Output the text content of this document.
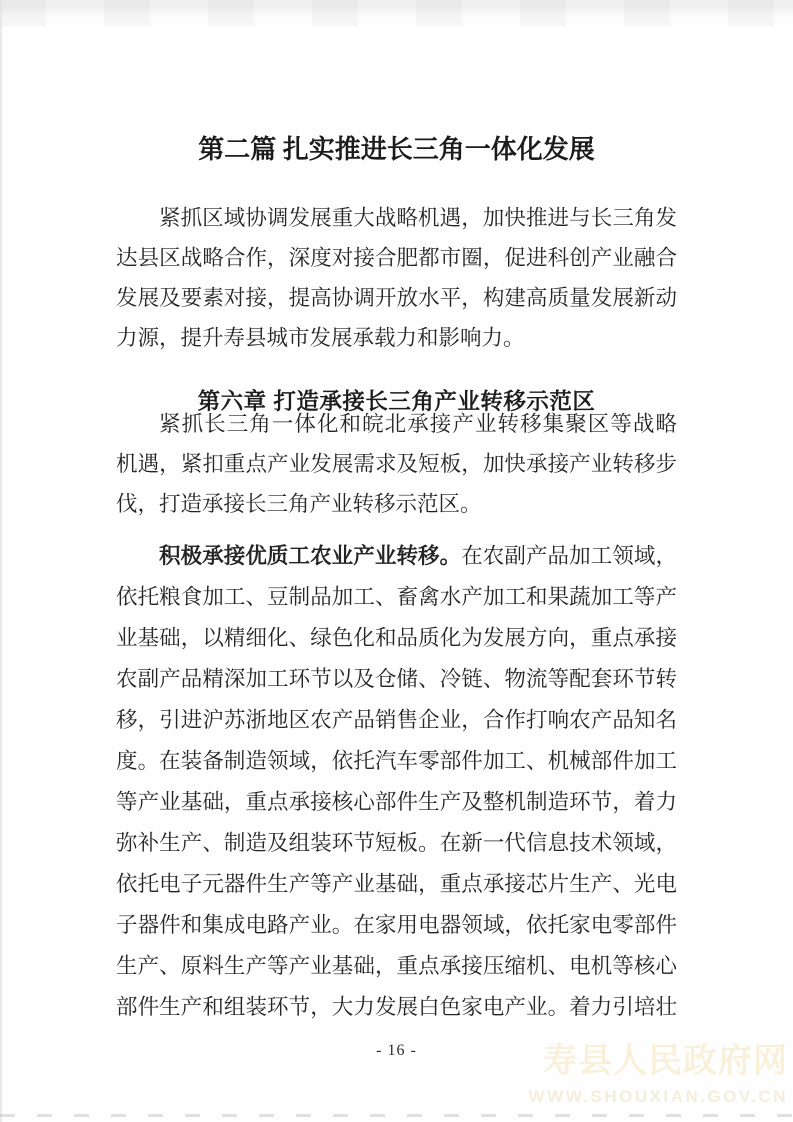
第二篇 扎实推进长三角一体化发展
紧抓区域协调发展重大战略机遇，加快推进与长三角发
达县区战略合作，深度对接合肥都市圈，促进科创产业融合
发展及要素对接，提高协调开放水平，构建高质量发展新动
力源，提升寿县城市发展承载力和影响力。
第六章 打造承接长三角产业转移示范区
紧抓长三角一体化和皖北承接产业转移集聚区等战略
机遇，紧扣重点产业发展需求及短板，加快承接产业转移步
伐，打造承接长三角产业转移示范区。
积极承接优质工农业产业转移。在农副产品加工领域，
依托粮食加工、豆制品加工、畜禽水产加工和果蔬加工等产
业基础，以精细化、绿色化和品质化为发展方向，重点承接
农副产品精深加工环节以及仓储、冷链、物流等配套环节转
移，引进沪苏浙地区农产品销售企业，合作打响农产品知名
度。在装备制造领域，依托汽车零部件加工、机械部件加工
等产业基础，重点承接核心部件生产及整机制造环节，着力
弥补生产、制造及组装环节短板。在新一代信息技术领域，
依托电子元器件生产等产业基础，重点承接芯片生产、光电
子器件和集成电路产业。在家用电器领域，依托家电零部件
生产、原料生产等产业基础，重点承接压缩机、电机等核心
部件生产和组装环节，大力发展白色家电产业。着力引培壮
- 16 -	寿县人民政府网
WWW.SHOUXIAN.GOV.CN
